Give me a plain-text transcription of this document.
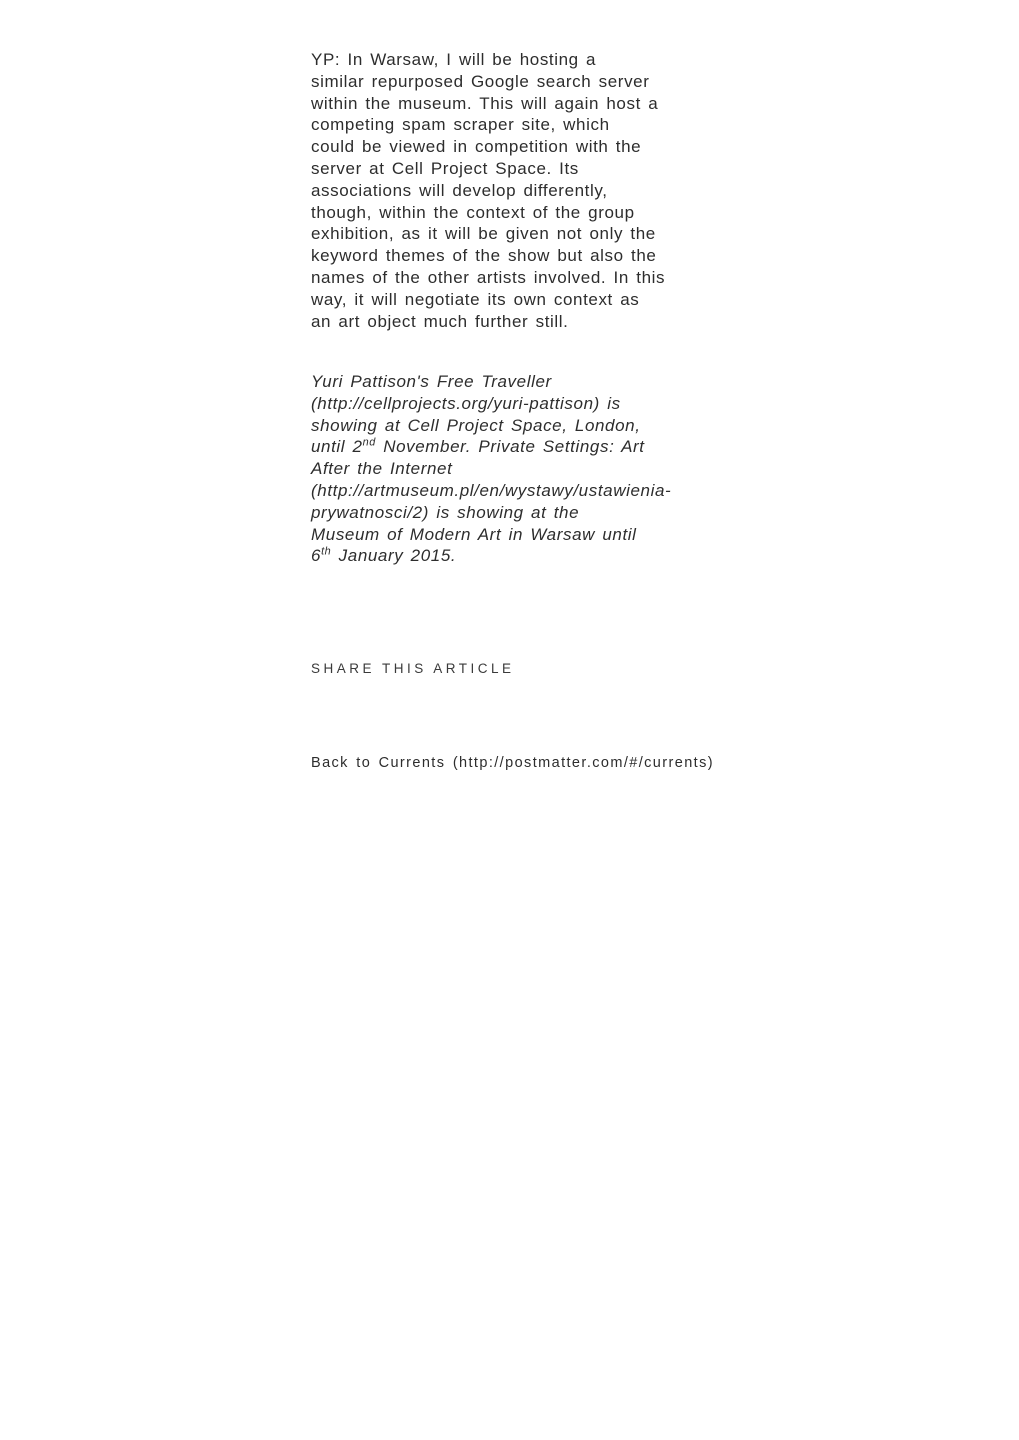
YP: In Warsaw, I will be hosting a
similar repurposed Google search server
within the museum. This will again host a
competing spam scraper site, which
could be viewed in competition with the
server at Cell Project Space. Its
associations will develop differently,
though, within the context of the group
exhibition, as it will be given not only the
keyword themes of the show but also the
names of the other artists involved. In this
way, it will negotiate its own context as
an art object much further still.
Yuri Pattison's Free Traveller
(http://cellprojects.org/yuri-pattison) is
showing at Cell Project Space, London,
until 2nd November. Private Settings: Art
After the Internet
(http://artmuseum.pl/en/wystawy/ustawienia-
prywatnosci/2) is showing at the
Museum of Modern Art in Warsaw until
6th January 2015.
SHARE THIS ARTICLE
Back to Currents (http://postmatter.com/#/currents)
